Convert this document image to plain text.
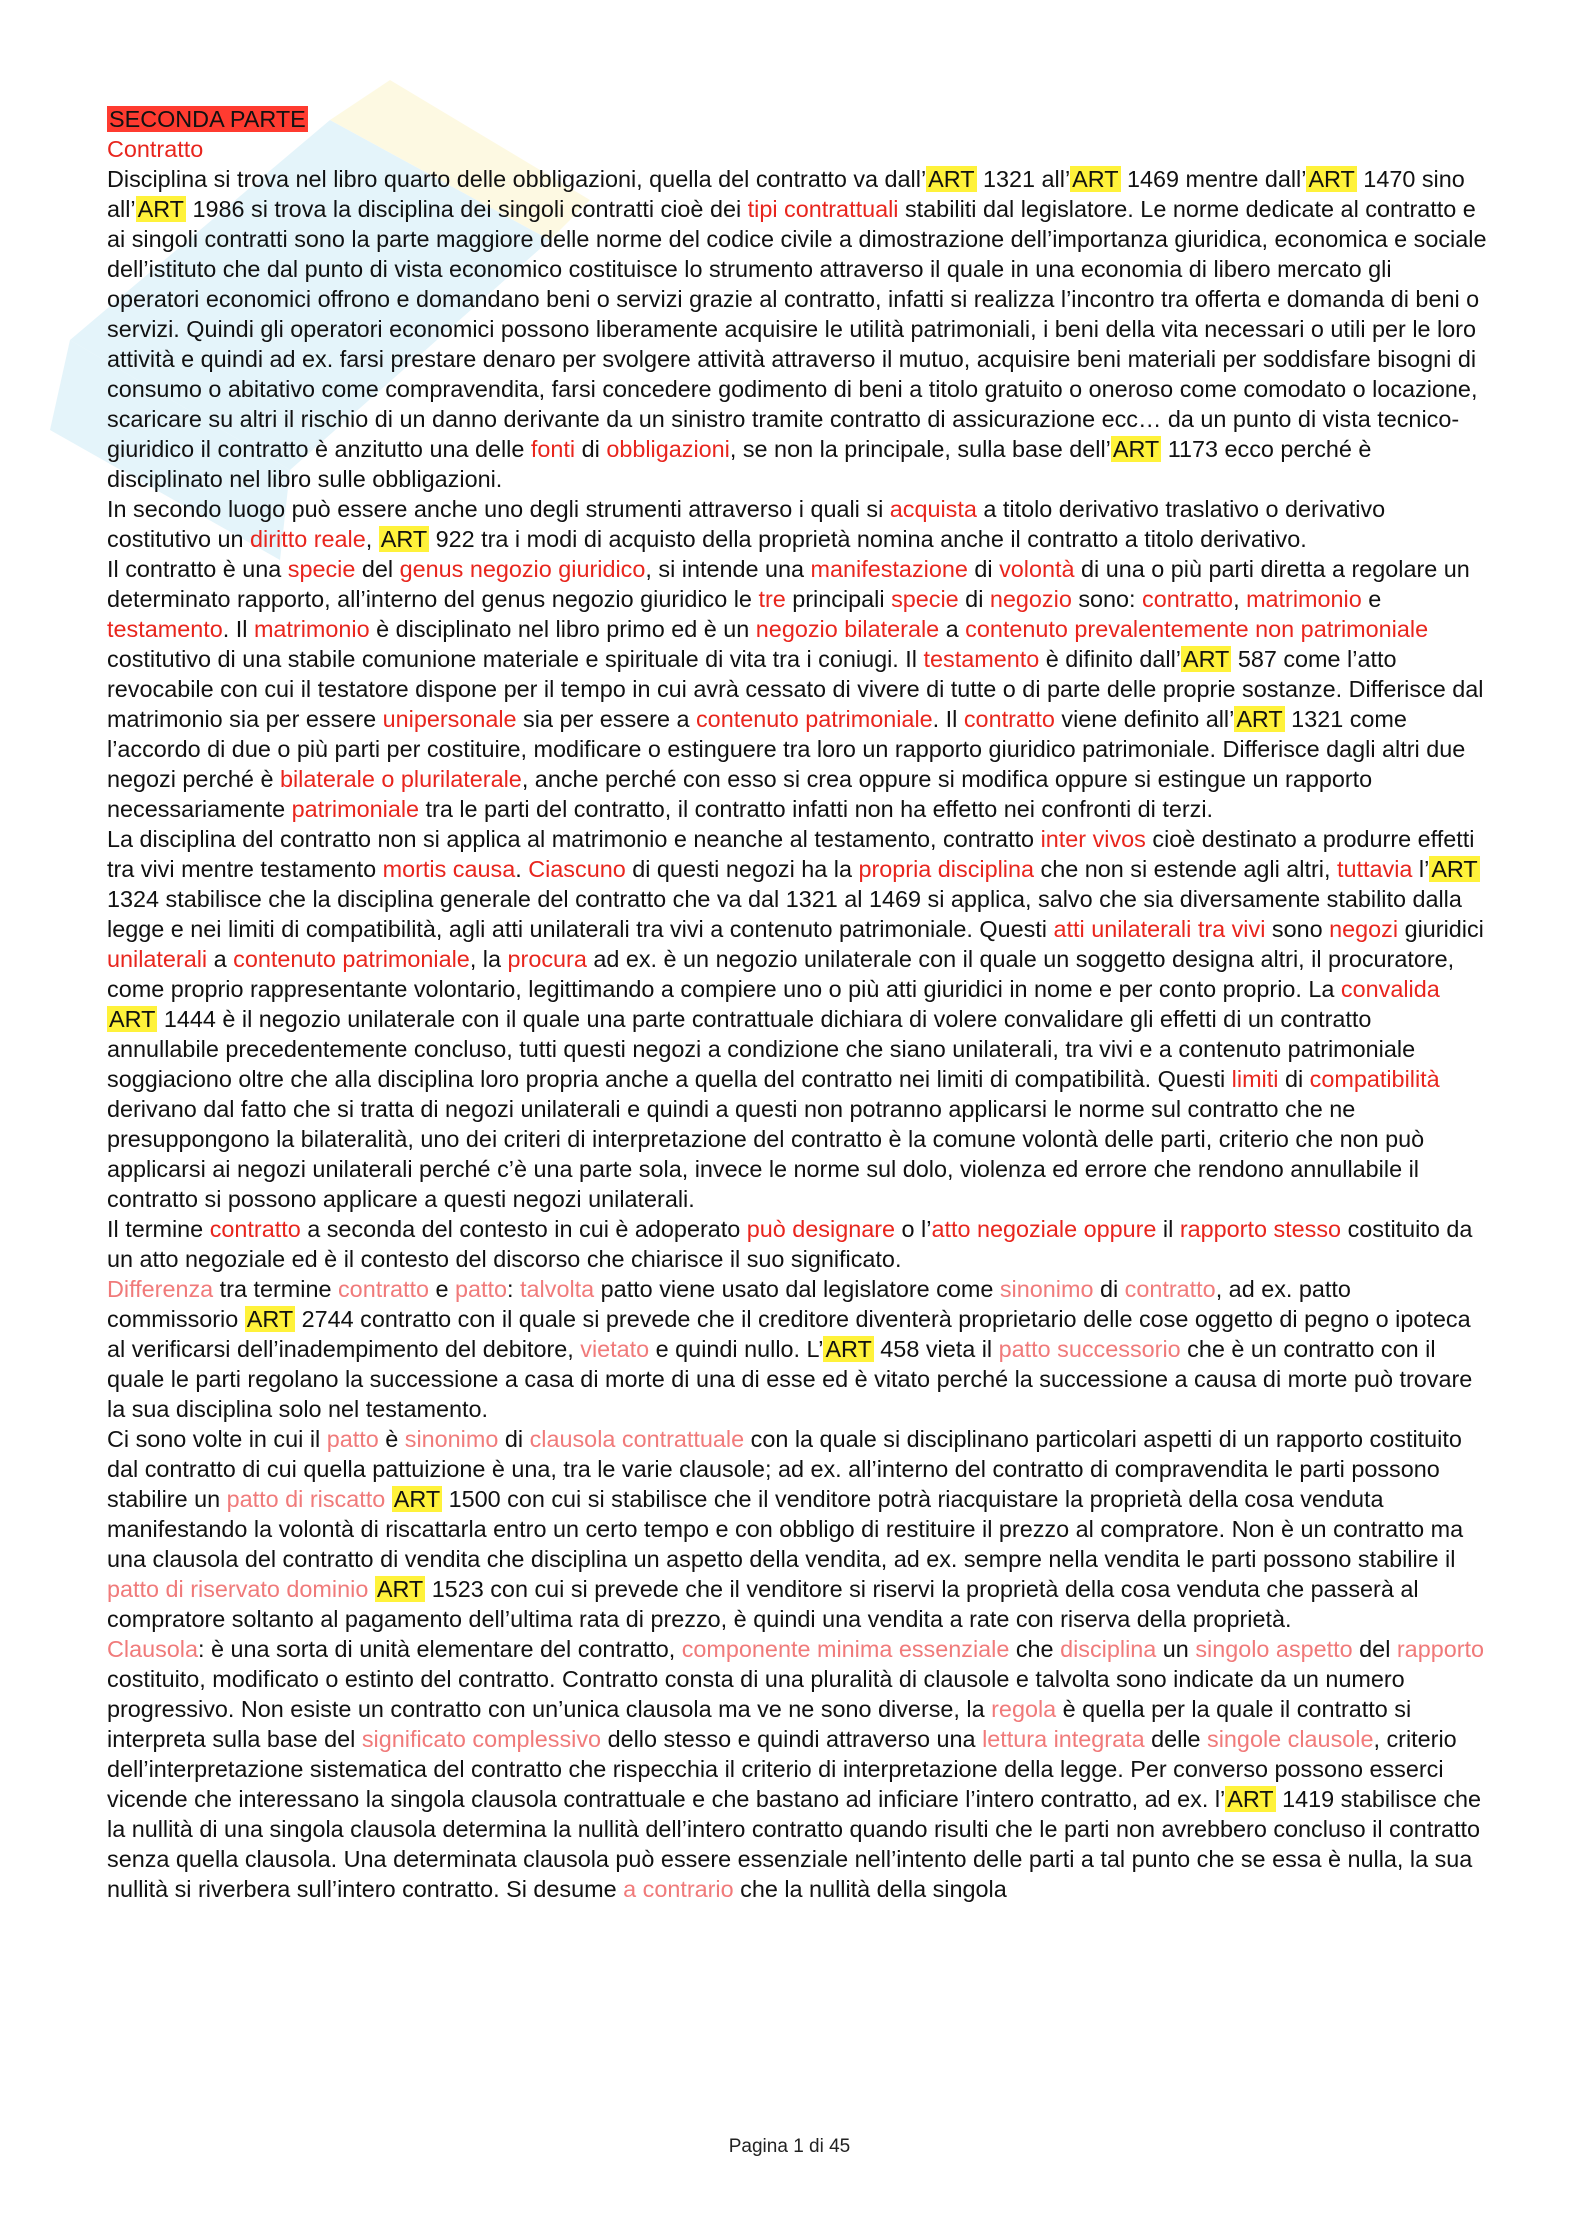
SECONDA PARTE
Contratto
Disciplina si trova nel libro quarto delle obbligazioni, quella del contratto va dall’ART 1321 all’ART 1469 mentre dall’ART 1470 sino all’ART 1986 si trova la disciplina dei singoli contratti cioè dei tipi contrattuali stabiliti dal legislatore. Le norme dedicate al contratto e ai singoli contratti sono la parte maggiore delle norme del codice civile a dimostrazione dell’importanza giuridica, economica e sociale dell’istituto che dal punto di vista economico costituisce lo strumento attraverso il quale in una economia di libero mercato gli operatori economici offrono e domandano beni o servizi grazie al contratto, infatti si realizza l’incontro tra offerta e domanda di beni o servizi. Quindi gli operatori economici possono liberamente acquisire le utilità patrimoniali, i beni della vita necessari o utili per le loro attività e quindi ad ex. farsi prestare denaro per svolgere attività attraverso il mutuo, acquisire beni materiali per soddisfare bisogni di consumo o abitativo come compravendita, farsi concedere godimento di beni a titolo gratuito o oneroso come comodato o locazione, scaricare su altri il rischio di un danno derivante da un sinistro tramite contratto di assicurazione ecc… da un punto di vista tecnico-giuridico il contratto è anzitutto una delle fonti di obbligazioni, se non la principale, sulla base dell’ART 1173 ecco perché è disciplinato nel libro sulle obbligazioni.
In secondo luogo può essere anche uno degli strumenti attraverso i quali si acquista a titolo derivativo traslativo o derivativo costitutivo un diritto reale, ART 922 tra i modi di acquisto della proprietà nomina anche il contratto a titolo derivativo.
Il contratto è una specie del genus negozio giuridico, si intende una manifestazione di volontà di una o più parti diretta a regolare un determinato rapporto, all’interno del genus negozio giuridico le tre principali specie di negozio sono: contratto, matrimonio e testamento. Il matrimonio è disciplinato nel libro primo ed è un negozio bilaterale a contenuto prevalentemente non patrimoniale costitutivo di una stabile comunione materiale e spirituale di vita tra i coniugi. Il testamento è difinito dall’ART 587 come l’atto revocabile con cui il testatore dispone per il tempo in cui avrà cessato di vivere di tutte o di parte delle proprie sostanze. Differisce dal matrimonio sia per essere unipersonale sia per essere a contenuto patrimoniale. Il contratto viene definito all’ART 1321 come l’accordo di due o più parti per costituire, modificare o estinguere tra loro un rapporto giuridico patrimoniale. Differisce dagli altri due negozi perché è bilaterale o plurilaterale, anche perché con esso si crea oppure si modifica oppure si estingue un rapporto necessariamente patrimoniale tra le parti del contratto, il contratto infatti non ha effetto nei confronti di terzi.
La disciplina del contratto non si applica al matrimonio e neanche al testamento, contratto inter vivos cioè destinato a produrre effetti tra vivi mentre testamento mortis causa. Ciascuno di questi negozi ha la propria disciplina che non si estende agli altri, tuttavia l’ART 1324 stabilisce che la disciplina generale del contratto che va dal 1321 al 1469 si applica, salvo che sia diversamente stabilito dalla legge e nei limiti di compatibilità, agli atti unilaterali tra vivi a contenuto patrimoniale. Questi atti unilaterali tra vivi sono negozi giuridici unilaterali a contenuto patrimoniale, la procura ad ex. è un negozio unilaterale con il quale un soggetto designa altri, il procuratore, come proprio rappresentante volontario, legittimando a compiere uno o più atti giuridici in nome e per conto proprio. La convalida ART 1444 è il negozio unilaterale con il quale una parte contrattuale dichiara di volere convalidare gli effetti di un contratto annullabile precedentemente concluso, tutti questi negozi a condizione che siano unilaterali, tra vivi e a contenuto patrimoniale soggiaciono oltre che alla disciplina loro propria anche a quella del contratto nei limiti di compatibilità. Questi limiti di compatibilità derivano dal fatto che si tratta di negozi unilaterali e quindi a questi non potranno applicarsi le norme sul contratto che ne presuppongono la bilateralità, uno dei criteri di interpretazione del contratto è la comune volontà delle parti, criterio che non può applicarsi ai negozi unilaterali perché c’è una parte sola, invece le norme sul dolo, violenza ed errore che rendono annullabile il contratto si possono applicare a questi negozi unilaterali.
Il termine contratto a seconda del contesto in cui è adoperato può designare o l’atto negoziale oppure il rapporto stesso costituito da un atto negoziale ed è il contesto del discorso che chiarisce il suo significato.
Differenza tra termine contratto e patto: talvolta patto viene usato dal legislatore come sinonimo di contratto, ad ex. patto commissorio ART 2744 contratto con il quale si prevede che il creditore diventerà proprietario delle cose oggetto di pegno o ipoteca al verificarsi dell’inadempimento del debitore, vietato e quindi nullo. L’ART 458 vieta il patto successorio che è un contratto con il quale le parti regolano la successione a casa di morte di una di esse ed è vitato perché la successione a causa di morte può trovare la sua disciplina solo nel testamento.
Ci sono volte in cui il patto è sinonimo di clausola contrattuale con la quale si disciplinano particolari aspetti di un rapporto costituito dal contratto di cui quella pattuizione è una, tra le varie clausole; ad ex. all’interno del contratto di compravendita le parti possono stabilire un patto di riscatto ART 1500 con cui si stabilisce che il venditore potrà riacquistare la proprietà della cosa venduta manifestando la volontà di riscattarla entro un certo tempo e con obbligo di restituire il prezzo al compratore. Non è un contratto ma una clausola del contratto di vendita che disciplina un aspetto della vendita, ad ex. sempre nella vendita le parti possono stabilire il patto di riservato dominio ART 1523 con cui si prevede che il venditore si riservi la proprietà della cosa venduta che passerà al compratore soltanto al pagamento dell’ultima rata di prezzo, è quindi una vendita a rate con riserva della proprietà.
Clausola: è una sorta di unità elementare del contratto, componente minima essenziale che disciplina un singolo aspetto del rapporto costituito, modificato o estinto del contratto. Contratto consta di una pluralità di clausole e talvolta sono indicate da un numero progressivo. Non esiste un contratto con un’unica clausola ma ve ne sono diverse, la regola è quella per la quale il contratto si interpreta sulla base del significato complessivo dello stesso e quindi attraverso una lettura integrata delle singole clausole, criterio dell’interpretazione sistematica del contratto che rispecchia il criterio di interpretazione della legge. Per converso possono esserci vicende che interessano la singola clausola contrattuale e che bastano ad inficiare l’intero contratto, ad ex. l’ART 1419 stabilisce che la nullità di una singola clausola determina la nullità dell’intero contratto quando risulti che le parti non avrebbero concluso il contratto senza quella clausola. Una determinata clausola può essere essenziale nell’intento delle parti a tal punto che se essa è nulla, la sua nullità si riverbera sull’intero contratto. Si desume a contrario che la nullità della singola
Pagina 1 di 45
